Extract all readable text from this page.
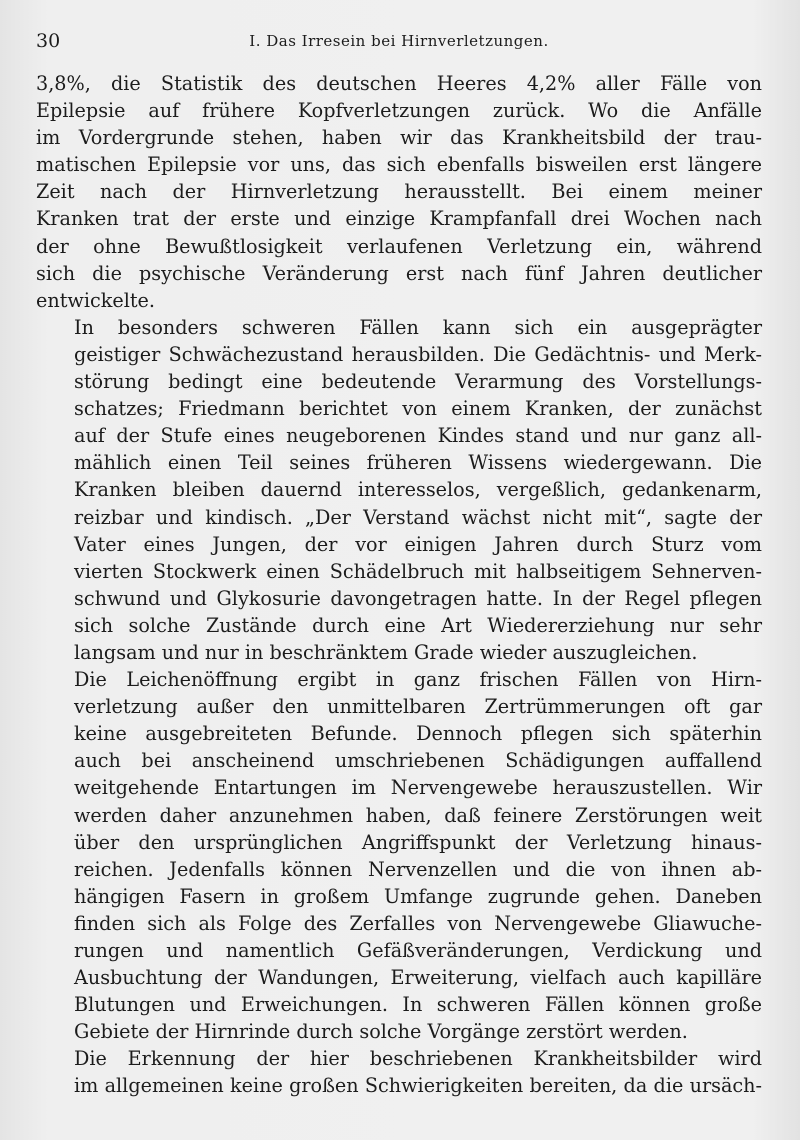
30	I. Das Irresein bei Hirnverletzungen.

3,8%, die Statistik des deutschen Heeres 4,2% aller Fälle von
Epilepsie auf frühere Kopfverletzungen zurück. Wo die Anfälle
im Vordergrunde stehen, haben wir das Krankheitsbild der trau-
matischen Epilepsie vor uns, das sich ebenfalls bisweilen erst längere
Zeit nach der Hirnverletzung herausstellt. Bei einem meiner
Kranken trat der erste und einzige Krampfanfall drei Wochen nach
der ohne Bewußtlosigkeit verlaufenen Verletzung ein, während
sich die psychische Veränderung erst nach fünf Jahren deutlicher
entwickelte.

In besonders schweren Fällen kann sich ein ausgeprägter
geistiger Schwächezustand herausbilden. Die Gedächtnis- und Merk-
störung bedingt eine bedeutende Verarmung des Vorstellungs-
schatzes; Friedmann berichtet von einem Kranken, der zunächst
auf der Stufe eines neugeborenen Kindes stand und nur ganz all-
mählich einen Teil seines früheren Wissens wiedergewann. Die
Kranken bleiben dauernd interesselos, vergeßlich, gedankenarm,
reizbar und kindisch. „Der Verstand wächst nicht mit“, sagte der
Vater eines Jungen, der vor einigen Jahren durch Sturz vom
vierten Stockwerk einen Schädelbruch mit halbseitigem Sehnerven-
schwund und Glykosurie davongetragen hatte. In der Regel pflegen
sich solche Zustände durch eine Art Wiedererziehung nur sehr
langsam und nur in beschränktem Grade wieder auszugleichen.

Die Leichenöffnung ergibt in ganz frischen Fällen von Hirn-
verletzung außer den unmittelbaren Zertrümmerungen oft gar
keine ausgebreiteten Befunde. Dennoch pflegen sich späterhin
auch bei anscheinend umschriebenen Schädigungen auffallend
weitgehende Entartungen im Nervengewebe herauszustellen. Wir
werden daher anzunehmen haben, daß feinere Zerstörungen weit
über den ursprünglichen Angriffspunkt der Verletzung hinaus-
reichen. Jedenfalls können Nervenzellen und die von ihnen ab-
hängigen Fasern in großem Umfange zugrunde gehen. Daneben
finden sich als Folge des Zerfalles von Nervengewebe Gliawuche-
rungen und namentlich Gefäßveränderungen, Verdickung und
Ausbuchtung der Wandungen, Erweiterung, vielfach auch kapilläre
Blutungen und Erweichungen. In schweren Fällen können große
Gebiete der Hirnrinde durch solche Vorgänge zerstört werden.

Die Erkennung der hier beschriebenen Krankheitsbilder wird
im allgemeinen keine großen Schwierigkeiten bereiten, da die ursäch-
